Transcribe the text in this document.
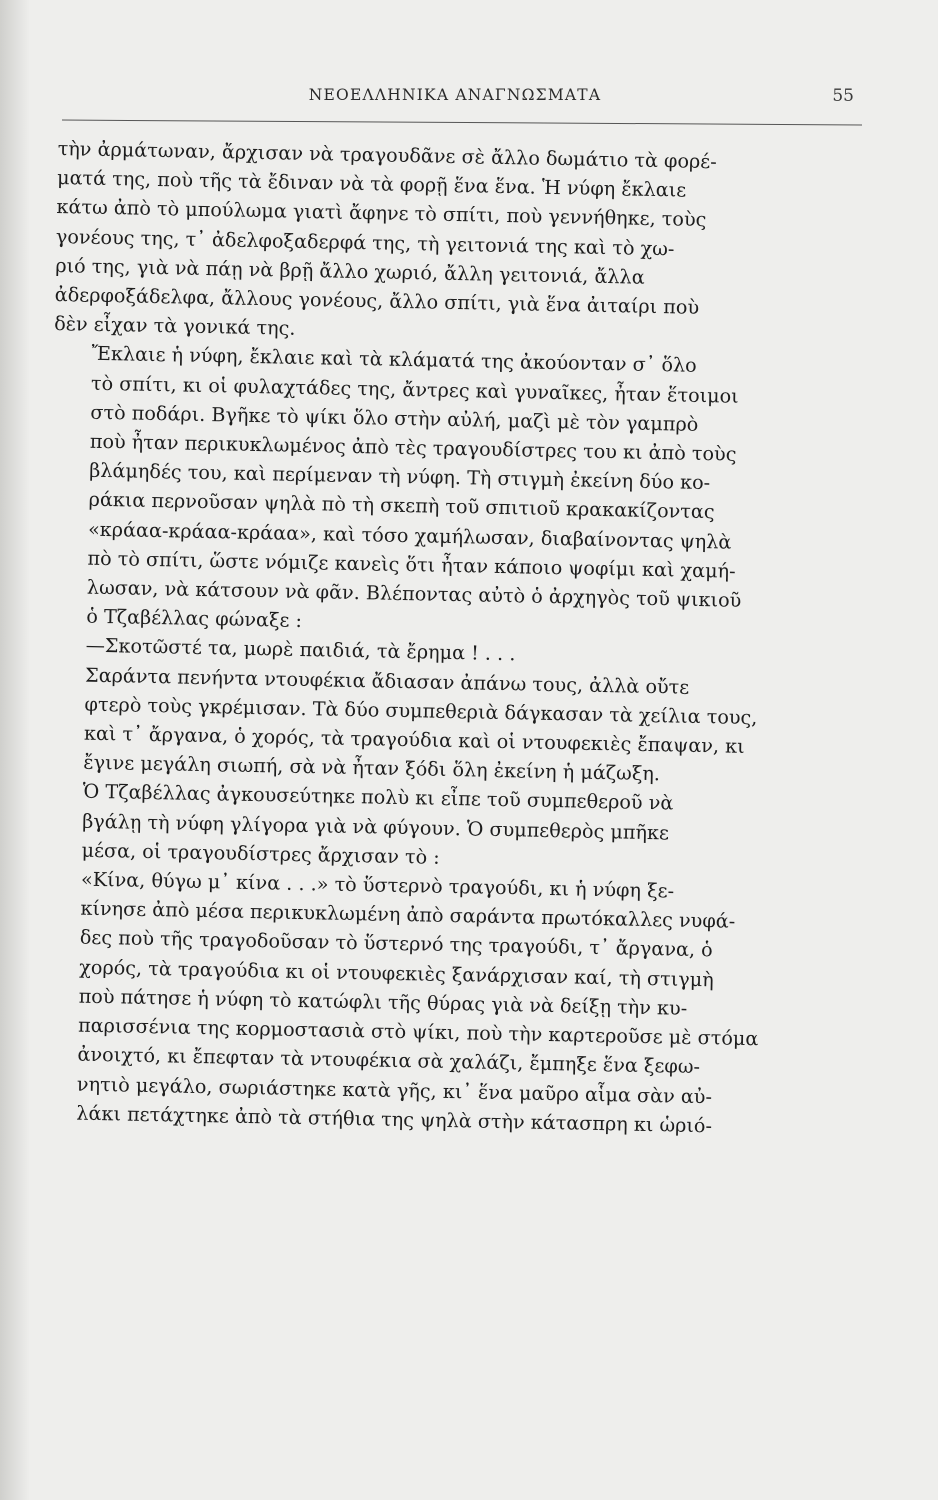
ΝΕΟΕΛΛΗΝΙΚΑ ΑΝΑΓΝΩΣΜΑΤΑ	55
τὴν ἀρμάτωναν, ἄρχισαν νὰ τραγουδᾶνε σὲ ἄλλο δωμάτιο τὰ φορέ-
ματά της, ποὺ τῆς τὰ ἔδιναν νὰ τὰ φορῇ ἕνα ἕνα. Ἡ νύφη ἔκλαιε
κάτω ἀπὸ τὸ μπούλωμα γιατὶ ἄφηνε τὸ σπίτι, ποὺ γεννήθηκε, τοὺς
γονέους της, τ᾽ ἀδελφοξαδερφά της, τὴ γειτονιά της καὶ τὸ χω-
ριό της, γιὰ νὰ πάῃ νὰ βρῇ ἄλλο χωριό, ἄλλη γειτονιά, ἄλλα
ἀδερφοξάδελφα, ἄλλους γονέους, ἄλλο σπίτι, γιὰ ἕνα ἀιταίρι ποὺ
δὲν εἶχαν τὰ γονικά της.
Ἔκλαιε ἡ νύφη, ἔκλαιε καὶ τὰ κλάματά της ἀκούονταν σ᾽ ὅλο
τὸ σπίτι, κι οἱ φυλαχτάδες της, ἄντρες καὶ γυναῖκες, ἦταν ἕτοιμοι
στὸ ποδάρι. Βγῆκε τὸ ψίκι ὅλο στὴν αὐλή, μαζὶ μὲ τὸν γαμπρὸ
ποὺ ἦταν περικυκλωμένος ἀπὸ τὲς τραγουδίστρες του κι ἀπὸ τοὺς
βλάμηδές του, καὶ περίμεναν τὴ νύφη. Τὴ στιγμὴ ἐκείνη δύο κο-
ράκια περνοῦσαν ψηλὰ πὸ τὴ σκεπὴ τοῦ σπιτιοῦ κρακακίζοντας
«κράαα-κράαα-κράαα», καὶ τόσο χαμήλωσαν, διαβαίνοντας ψηλὰ
πὸ τὸ σπίτι, ὥστε νόμιζε κανεὶς ὅτι ἦταν κάποιο ψοφίμι καὶ χαμή-
λωσαν, νὰ κάτσουν νὰ φᾶν. Βλέποντας αὐτὸ ὁ ἀρχηγὸς τοῦ ψικιοῦ
ὁ Τζαβέλλας φώναξε :
—Σκοτῶστέ τα, μωρὲ παιδιά, τὰ ἔρημα ! . . .
Σαράντα πενήντα ντουφέκια ἄδιασαν ἀπάνω τους, ἀλλὰ οὔτε
φτερὸ τοὺς γκρέμισαν. Τὰ δύο συμπεθεριὰ δάγκασαν τὰ χείλια τους,
καὶ τ᾽ ἄργανα, ὁ χορός, τὰ τραγούδια καὶ οἱ ντουφεκιὲς ἔπαψαν, κι
ἔγινε μεγάλη σιωπή, σὰ νὰ ἦταν ξόδι ὅλη ἐκείνη ἡ μάζωξη.
Ὁ Τζαβέλλας ἀγκουσεύτηκε πολὺ κι εἶπε τοῦ συμπεθεροῦ νὰ
βγάλῃ τὴ νύφη γλίγορα γιὰ νὰ φύγουν. Ὁ συμπεθερὸς μπῆκε
μέσα, οἱ τραγουδίστρες ἄρχισαν τὸ :
«Κίνα, θύγω μ᾽ κίνα . . .» τὸ ὕστερνὸ τραγούδι, κι ἡ νύφη ξε-
κίνησε ἀπὸ μέσα περικυκλωμένη ἀπὸ σαράντα πρωτόκαλλες νυφά-
δες ποὺ τῆς τραγοδοῦσαν τὸ ὕστερνό της τραγούδι, τ᾽ ἄργανα, ὁ
χορός, τὰ τραγούδια κι οἱ ντουφεκιὲς ξανάρχισαν καί, τὴ στιγμὴ
ποὺ πάτησε ἡ νύφη τὸ κατώφλι τῆς θύρας γιὰ νὰ δείξῃ τὴν κυ-
παρισσένια της κορμοστασιὰ στὸ ψίκι, ποὺ τὴν καρτεροῦσε μὲ στόμα
ἀνοιχτό, κι ἔπεφταν τὰ ντουφέκια σὰ χαλάζι, ἔμπηξε ἕνα ξεφω-
νητιὸ μεγάλο, σωριάστηκε κατὰ γῆς, κι᾽ ἕνα μαῦρο αἷμα σὰν αὐ-
λάκι πετάχτηκε ἀπὸ τὰ στήθια της ψηλὰ στὴν κάτασπρη κι ὡριό-
